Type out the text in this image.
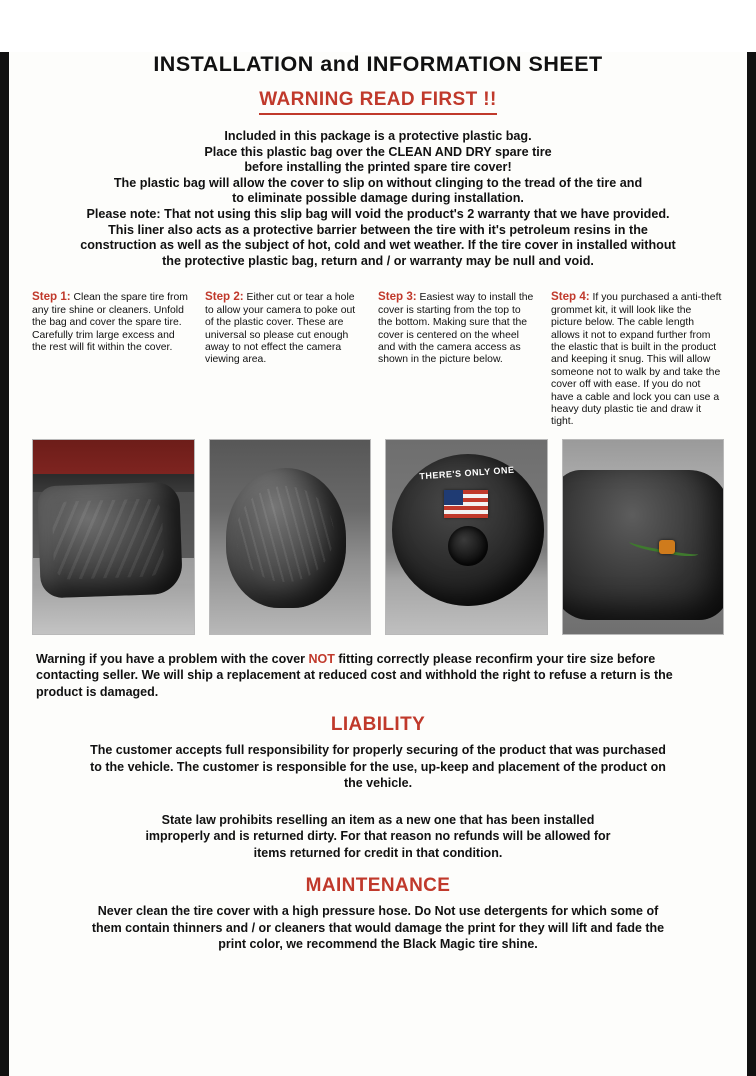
INSTALLATION and INFORMATION SHEET
WARNING READ FIRST !!

Included in this package is a protective plastic bag.

Place this plastic bag over the CLEAN AND DRY spare tire

before installing the printed spare tire cover!

The plastic bag will allow the cover to slip on without clinging to the tread of the tire and

to eliminate possible damage during installation.

Please note: That not using this slip bag will void the product's 2 warranty that we have provided.

This liner also acts as a protective barrier between the tire with it's petroleum resins in the

construction as well as the subject of hot, cold and wet weather. If the tire cover in installed without

the protective plastic bag, return and / or warranty may be null and void.

Step 1: Clean the spare tire from any tire shine or cleaners. Unfold the bag and cover the spare tire. Carefully trim large excess and the rest will fit within the cover.
Step 2: Either cut or tear a hole to allow your camera to poke out of the plastic cover. These are universal so please cut enough away to not effect the camera viewing area.
Step 3: Easiest way to install the cover is starting from the top to the bottom. Making sure that the cover is centered on the wheel and with the camera access as shown in the picture below.
Step 4: If you purchased a anti-theft grommet kit, it will look like the picture below. The cable length allows it not to expand further from the elastic that is built in the product and keeping it snug. This will allow someone not to walk by and take the cover off with ease. If you do not have a cable and lock you can use a heavy duty plastic tie and draw it tight.
THERE'S ONLY ONE
Warning if you have a problem with the cover NOT fitting correctly please reconfirm your tire size before contacting seller. We will ship a replacement at reduced cost and withhold the right to refuse a return is the product is damaged.
LIABILITY

The customer accepts full responsibility for properly securing of the product that was purchased

to the vehicle. The customer is responsible for the use, up-keep and placement of the product on

the vehicle.

State law prohibits reselling an item as a new one that has been installed

improperly and is returned dirty. For that reason no refunds will be allowed for

items returned for credit in that condition.

MAINTENANCE

Never clean the tire cover with a high pressure hose. Do Not use detergents for which some of

them contain thinners and / or cleaners that would damage the print for they will lift and fade the

print color, we recommend the Black Magic tire shine.
